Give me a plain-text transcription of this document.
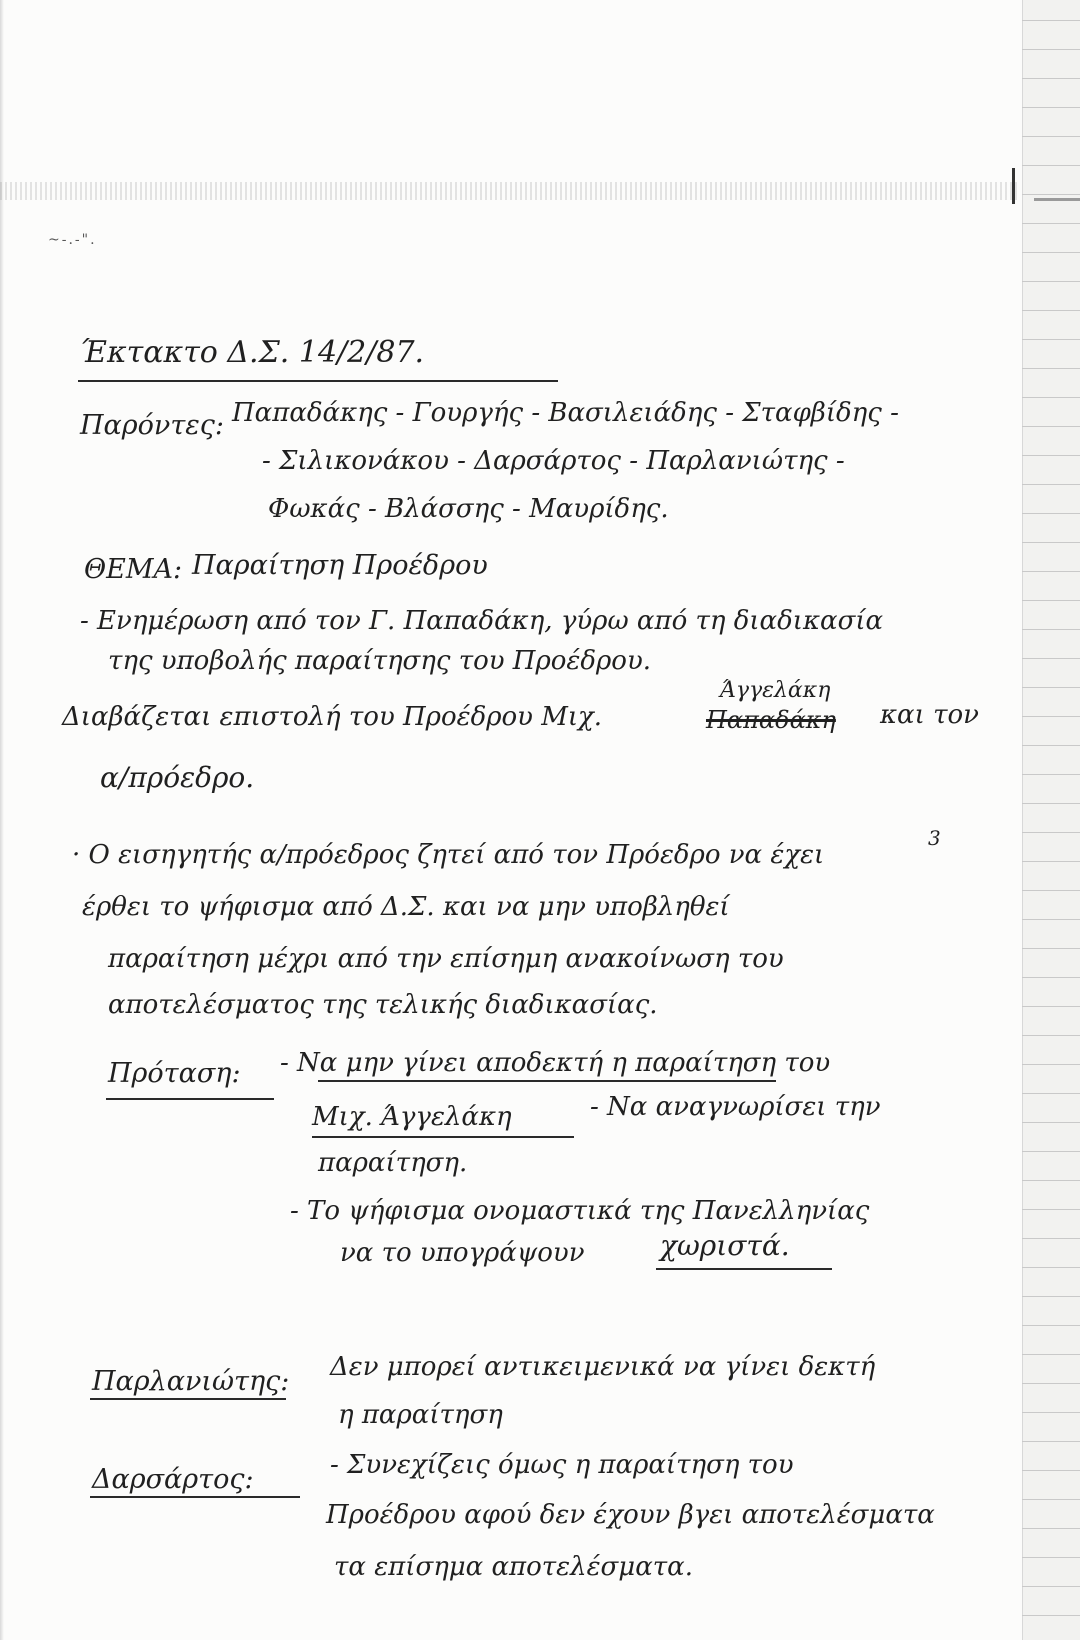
~-.-".
Έκτακτο Δ.Σ. 14/2/87.
Παρόντες: Παπαδάκης - Γουργής - Βασιλειάδης - Σταφβίδης -
- Σιλικονάκου - Δαρσάρτος - Παρλανιώτης -
Φωκάς - Βλάσσης - Μαυρίδης.
ΘΕΜΑ: Παραίτηση Προέδρου
- Ενημέρωση από τον Γ. Παπαδάκη, γύρω από τη διαδικασία
της υποβολής παραίτησης του Προέδρου.
Διαβάζεται επιστολή του Προέδρου Μιχ.
Άγγελάκη
Παπαδάκη και τον
α/πρόεδρο.
· Ο εισηγητής α/πρόεδρος ζητεί από τον Πρόεδρο να έχει
3
έρθει το ψήφισμα από Δ.Σ. και να μην υποβληθεί
παραίτηση μέχρι από την επίσημη ανακοίνωση του
αποτελέσματος της τελικής διαδικασίας.
Πρόταση: - Να μην γίνει αποδεκτή η παραίτηση του
Μιχ. Άγγελάκη	- Να αναγνωρίσει την
παραίτηση.
- Το ψήφισμα ονομαστικά της Πανελληνίας
να το υπογράψουν	χωριστά.
Παρλανιώτης: Δεν μπορεί αντικειμενικά να γίνει δεκτή
η παραίτηση
Δαρσάρτος:	- Συνεχίζεις όμως η παραίτηση του
Προέδρου αφού δεν έχουν βγει αποτελέσματα
τα επίσημα αποτελέσματα.
